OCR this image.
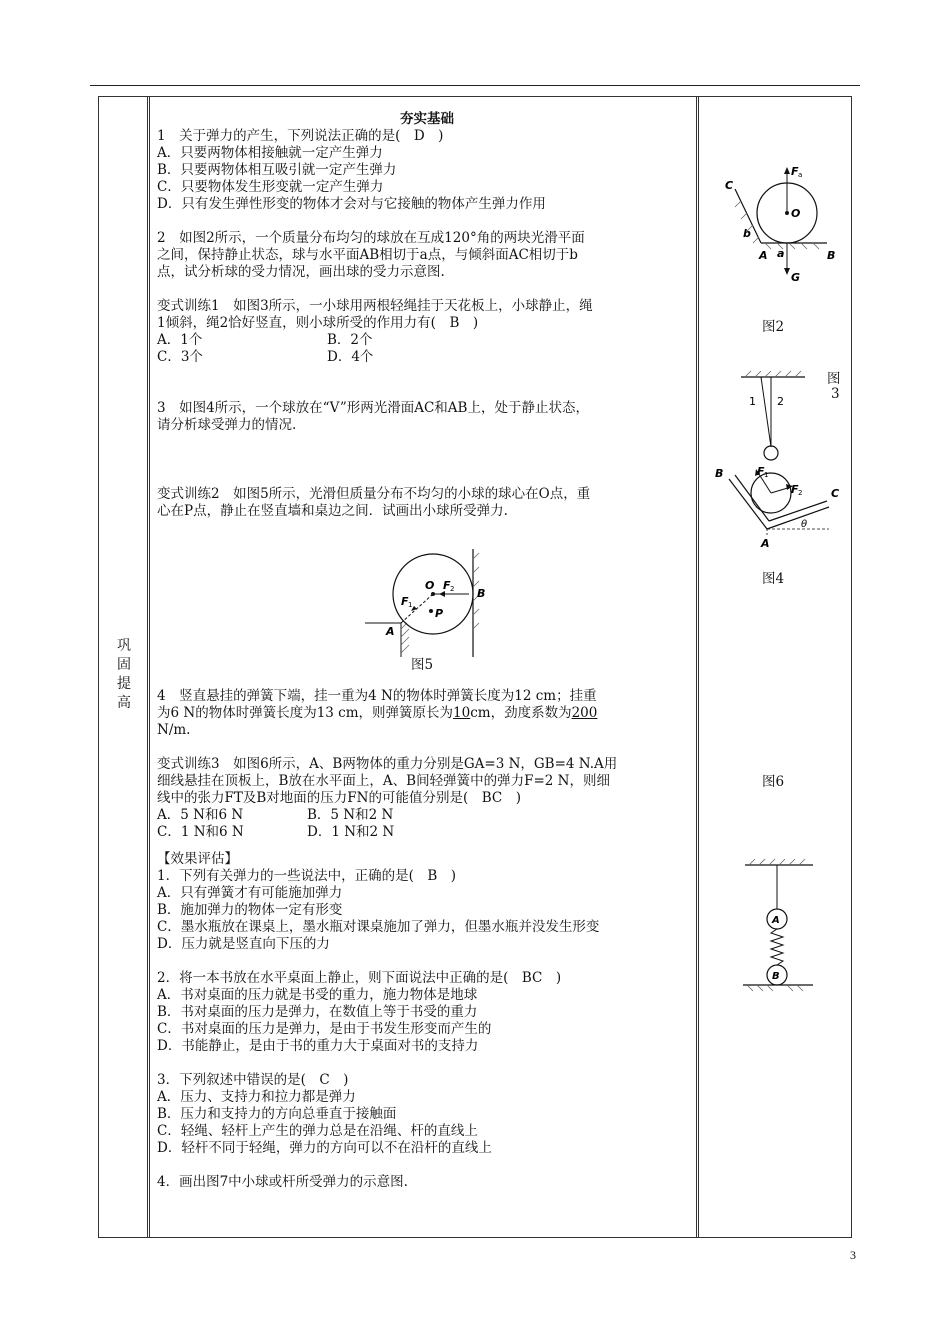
巩固提高

夯实基础

1　关于弹力的产生，下列说法正确的是(　D　)

A．只要两物体相接触就一定产生弹力

B．只要两物体相互吸引就一定产生弹力

C．只要物体发生形变就一定产生弹力

D．只有发生弹性形变的物体才会对与它接触的物体产生弹力作用

2　如图2所示，一个质量分布均匀的球放在互成120°角的两块光滑平面

之间，保持静止状态，球与水平面AB相切于a点，与倾斜面AC相切于b

点，试分析球的受力情况，画出球的受力示意图.

变式训练1　如图3所示，一小球用两根轻绳挂于天花板上，小球静止，绳

1倾斜，绳2恰好竖直，则小球所受的作用力有(　B　)

A．1个	B．2个

C．3个	D．4个

3　如图4所示，一个球放在“V”形两光滑面AC和AB上，处于静止状态，

请分析球受弹力的情况.

变式训练2　如图5所示，光滑但质量分布不均匀的小球的球心在O点，重

心在P点，静止在竖直墙和桌边之间．试画出小球所受弹力.

4　竖直悬挂的弹簧下端，挂一重为4 N的物体时弹簧长度为12 cm；挂重

为6 N的物体时弹簧长度为13 cm，则弹簧原长为10cm，劲度系数为200

N/m.

变式训练3　如图6所示，A、B两物体的重力分别是GA=3 N，GB=4 N.A用

细线悬挂在顶板上，B放在水平面上，A、B间轻弹簧中的弹力F=2 N，则细

线中的张力FT及B对地面的压力FN的可能值分别是(　BC　)

A．5 N和6 N	B．5 N和2 N

C．1 N和6 N	D．1 N和2 N

【效果评估】

1．下列有关弹力的一些说法中，正确的是(　B　)

A．只有弹簧才有可能施加弹力

B．施加弹力的物体一定有形变

C．墨水瓶放在课桌上，墨水瓶对课桌施加了弹力，但墨水瓶并没发生形变

D．压力就是竖直向下压的力

2．将一本书放在水平桌面上静止，则下面说法中正确的是(　BC　)

A．书对桌面的压力就是书受的重力，施力物体是地球

B．书对桌面的压力是弹力，在数值上等于书受的重力

C．书对桌面的压力是弹力，是由于书发生形变而产生的

D．书能静止，是由于书的重力大于桌面对书的支持力

3．下列叙述中错误的是(　C　)

A．压力、支持力和拉力都是弹力

B．压力和支持力的方向总垂直于接触面

C．轻绳、轻杆上产生的弹力总是在沿绳、杆的直线上

D．轻杆不同于轻绳，弹力的方向可以不在沿杆的直线上

4．画出图7中小球或杆所受弹力的示意图.

O F 2 B
F 1
P
A
图5
F a
O
C
b
A a	B
G
图2
1 2
图
3
F 1
F 2
B
C
A
θ
图4
图6
A
B
3
